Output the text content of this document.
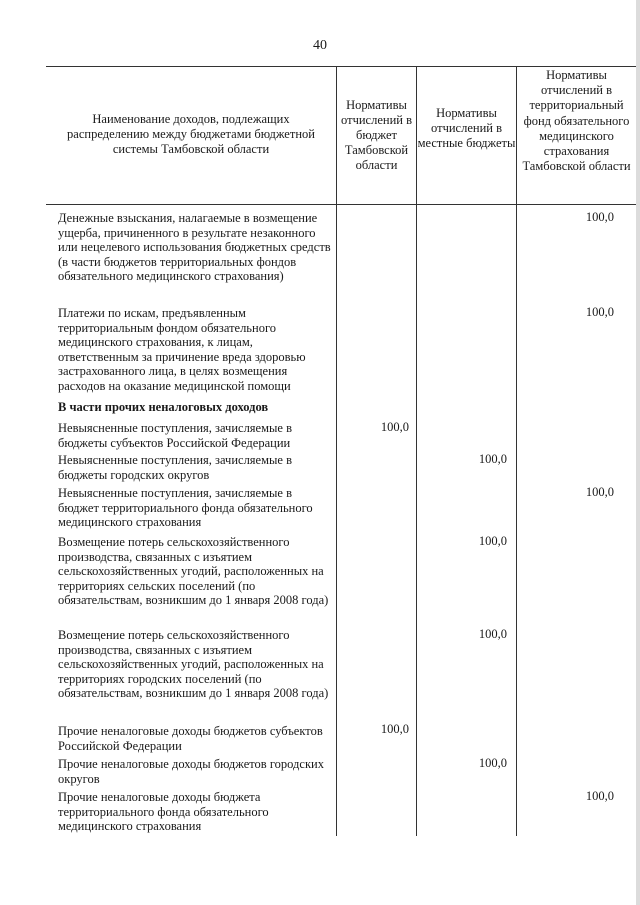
40
Наименование доходов, подлежащих распределению между бюджетами бюджетной системы Тамбовской области
Нормативы отчислений в бюджет Тамбовской области
Нормативы отчислений в местные бюджеты
Нормативы отчислений в территориальный фонд обязательного медицинского страхования Тамбовской области
Денежные взыскания, налагаемые в возмещение ущерба, причиненного в результате незаконного или нецелевого использования бюджетных средств (в части бюджетов территориальных фондов обязательного медицинского страхования)
100,0
Платежи по искам, предъявленным территориальным фондом обязательного медицинского страхования, к лицам, ответственным за причинение вреда здоровью застрахованного лица, в целях возмещения расходов на оказание медицинской помощи
100,0
В части прочих неналоговых доходов
Невыясненные поступления, зачисляемые в бюджеты субъектов Российской Федерации
100,0
Невыясненные поступления, зачисляемые в бюджеты городских округов
100,0
Невыясненные поступления, зачисляемые в бюджет территориального фонда обязательного медицинского страхования
100,0
Возмещение потерь сельскохозяйственного производства, связанных с изъятием сельскохозяйственных угодий, расположенных на территориях сельских поселений (по обязательствам, возникшим до 1 января 2008 года)
100,0
Возмещение потерь сельскохозяйственного производства, связанных с изъятием сельскохозяйственных угодий, расположенных на территориях городских поселений (по обязательствам, возникшим до 1 января 2008 года)
100,0
Прочие неналоговые доходы бюджетов субъектов Российской Федерации
100,0
Прочие неналоговые доходы бюджетов городских округов
100,0
Прочие неналоговые доходы бюджета территориального фонда обязательного медицинского страхования
100,0
